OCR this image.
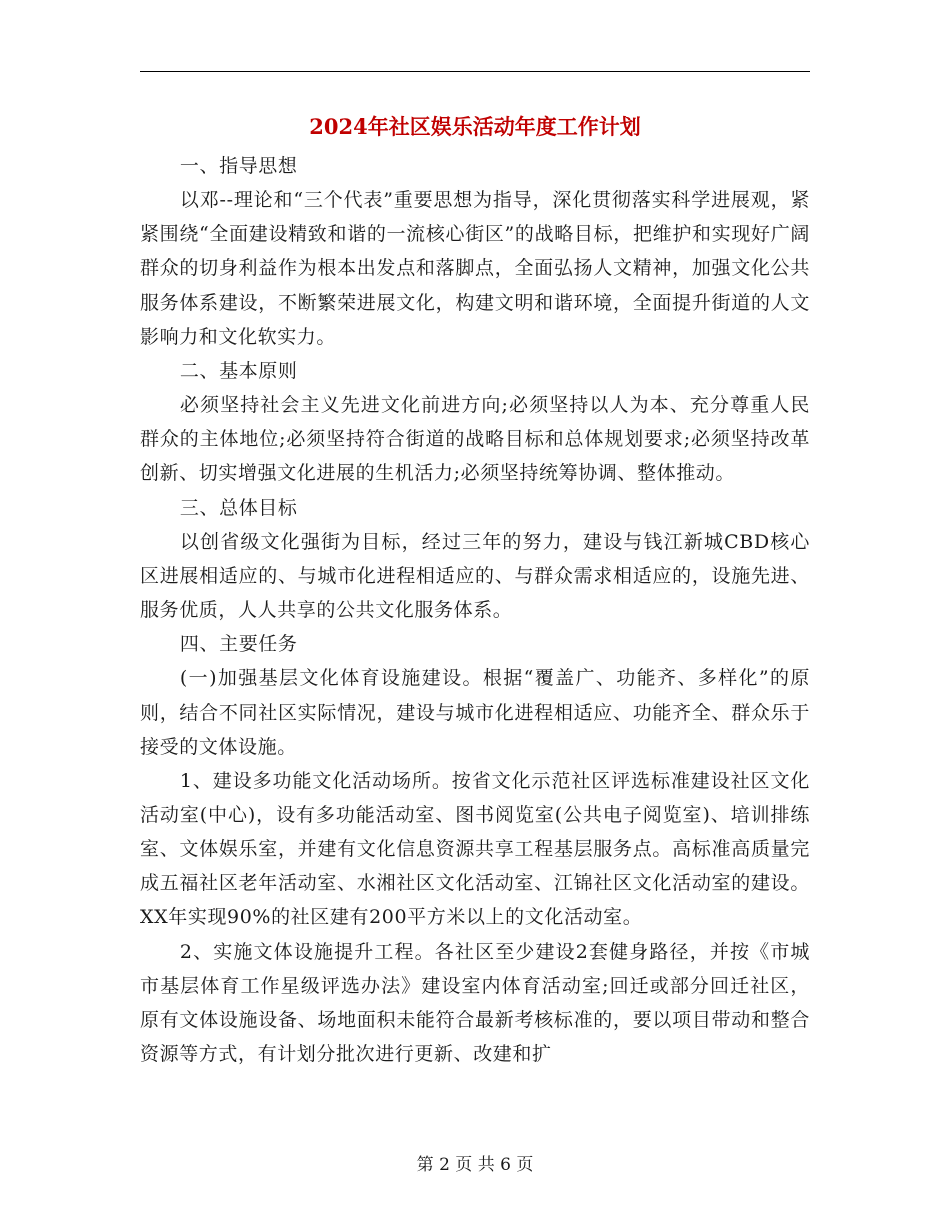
2024年社区娱乐活动年度工作计划

一、指导思想

以邓--理论和“三个代表”重要思想为指导，深化贯彻落实科学进展观，紧紧围绕“全面建设精致和谐的一流核心街区”的战略目标，把维护和实现好广阔群众的切身利益作为根本出发点和落脚点，全面弘扬人文精神，加强文化公共服务体系建设，不断繁荣进展文化，构建文明和谐环境，全面提升街道的人文影响力和文化软实力。

二、基本原则

必须坚持社会主义先进文化前进方向;必须坚持以人为本、充分尊重人民群众的主体地位;必须坚持符合街道的战略目标和总体规划要求;必须坚持改革创新、切实增强文化进展的生机活力;必须坚持统筹协调、整体推动。

三、总体目标

以创省级文化强街为目标，经过三年的努力，建设与钱江新城CBD核心区进展相适应的、与城市化进程相适应的、与群众需求相适应的，设施先进、服务优质，人人共享的公共文化服务体系。

四、主要任务

(一)加强基层文化体育设施建设。根据“覆盖广、功能齐、多样化”的原则，结合不同社区实际情况，建设与城市化进程相适应、功能齐全、群众乐于接受的文体设施。

1、建设多功能文化活动场所。按省文化示范社区评选标准建设社区文化活动室(中心)，设有多功能活动室、图书阅览室(公共电子阅览室)、培训排练室、文体娱乐室，并建有文化信息资源共享工程基层服务点。高标准高质量完成五福社区老年活动室、水湘社区文化活动室、江锦社区文化活动室的建设。XX年实现90%的社区建有200平方米以上的文化活动室。

2、实施文体设施提升工程。各社区至少建设2套健身路径，并按《市城市基层体育工作星级评选办法》建设室内体育活动室;回迁或部分回迁社区，原有文体设施设备、场地面积未能符合最新考核标准的，要以项目带动和整合资源等方式，有计划分批次进行更新、改建和扩

第 2 页 共 6 页
